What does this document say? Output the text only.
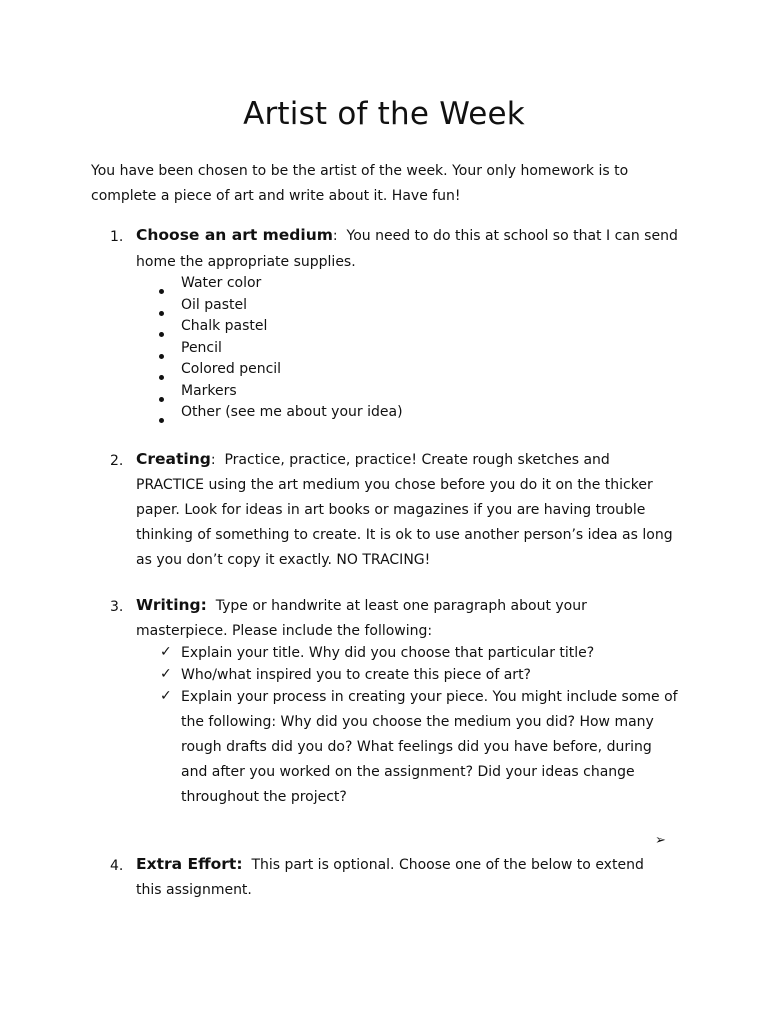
Artist of the Week
You have been chosen to be the artist of the week. Your only homework is to
complete a piece of art and write about it. Have fun!
1. Choose an art medium: You need to do this at school so that I can send
home the appropriate supplies.
Water color
Oil pastel
Chalk pastel
Pencil
Colored pencil
Markers
Other (see me about your idea)
2. Creating: Practice, practice, practice! Create rough sketches and
PRACTICE using the art medium you chose before you do it on the thicker
paper. Look for ideas in art books or magazines if you are having trouble
thinking of something to create. It is ok to use another person’s idea as long
as you don’t copy it exactly. NO TRACING!
3. Writing: Type or handwrite at least one paragraph about your
masterpiece. Please include the following:
✓ Explain your title. Why did you choose that particular title?
✓ Who/what inspired you to create this piece of art?
✓ Explain your process in creating your piece. You might include some of
the following: Why did you choose the medium you did? How many
rough drafts did you do? What feelings did you have before, during
and after you worked on the assignment? Did your ideas change
throughout the project?
➢
4. Extra Effort: This part is optional. Choose one of the below to extend
this assignment.
